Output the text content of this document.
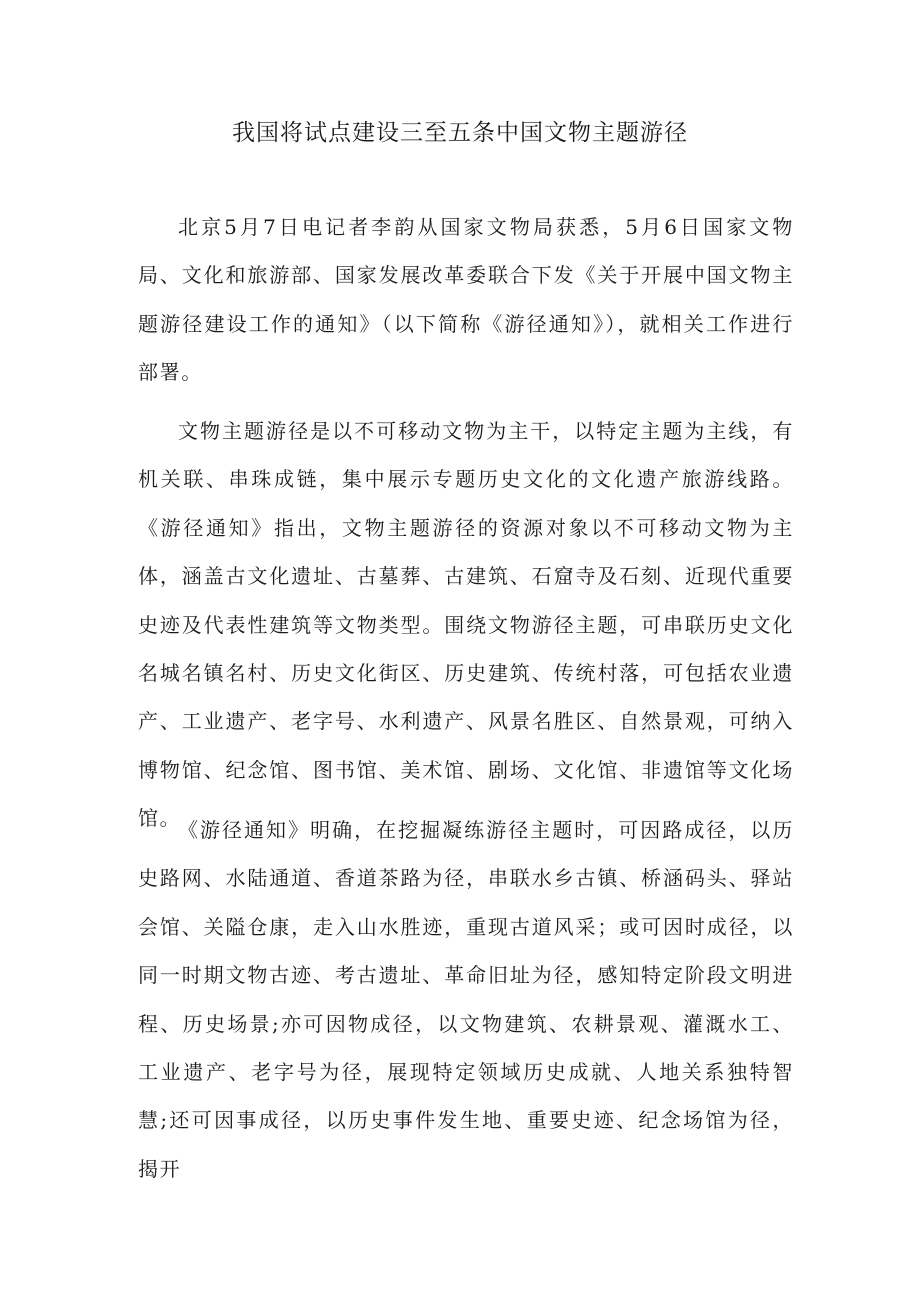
我国将试点建设三至五条中国文物主题游径

北京5月7日电记者李韵从国家文物局获悉，5月6日国家文物局、文化和旅游部、国家发展改革委联合下发《关于开展中国文物主题游径建设工作的通知》（以下简称《游径通知》），就相关工作进行部署。

文物主题游径是以不可移动文物为主干，以特定主题为主线，有机关联、串珠成链，集中展示专题历史文化的文化遗产旅游线路。《游径通知》指出，文物主题游径的资源对象以不可移动文物为主体，涵盖古文化遗址、古墓葬、古建筑、石窟寺及石刻、近现代重要史迹及代表性建筑等文物类型。围绕文物游径主题，可串联历史文化名城名镇名村、历史文化街区、历史建筑、传统村落，可包括农业遗产、工业遗产、老字号、水利遗产、风景名胜区、自然景观，可纳入博物馆、纪念馆、图书馆、美术馆、剧场、文化馆、非遗馆等文化场馆。

《游径通知》明确，在挖掘凝练游径主题时，可因路成径，以历史路网、水陆通道、香道茶路为径，串联水乡古镇、桥涵码头、驿站会馆、关隘仓康，走入山水胜迹，重现古道风采；或可因时成径，以同一时期文物古迹、考古遗址、革命旧址为径，感知特定阶段文明进程、历史场景;亦可因物成径，以文物建筑、农耕景观、灌溉水工、工业遗产、老字号为径，展现特定领域历史成就、人地关系独特智慧;还可因事成径，以历史事件发生地、重要史迹、纪念场馆为径，揭开
